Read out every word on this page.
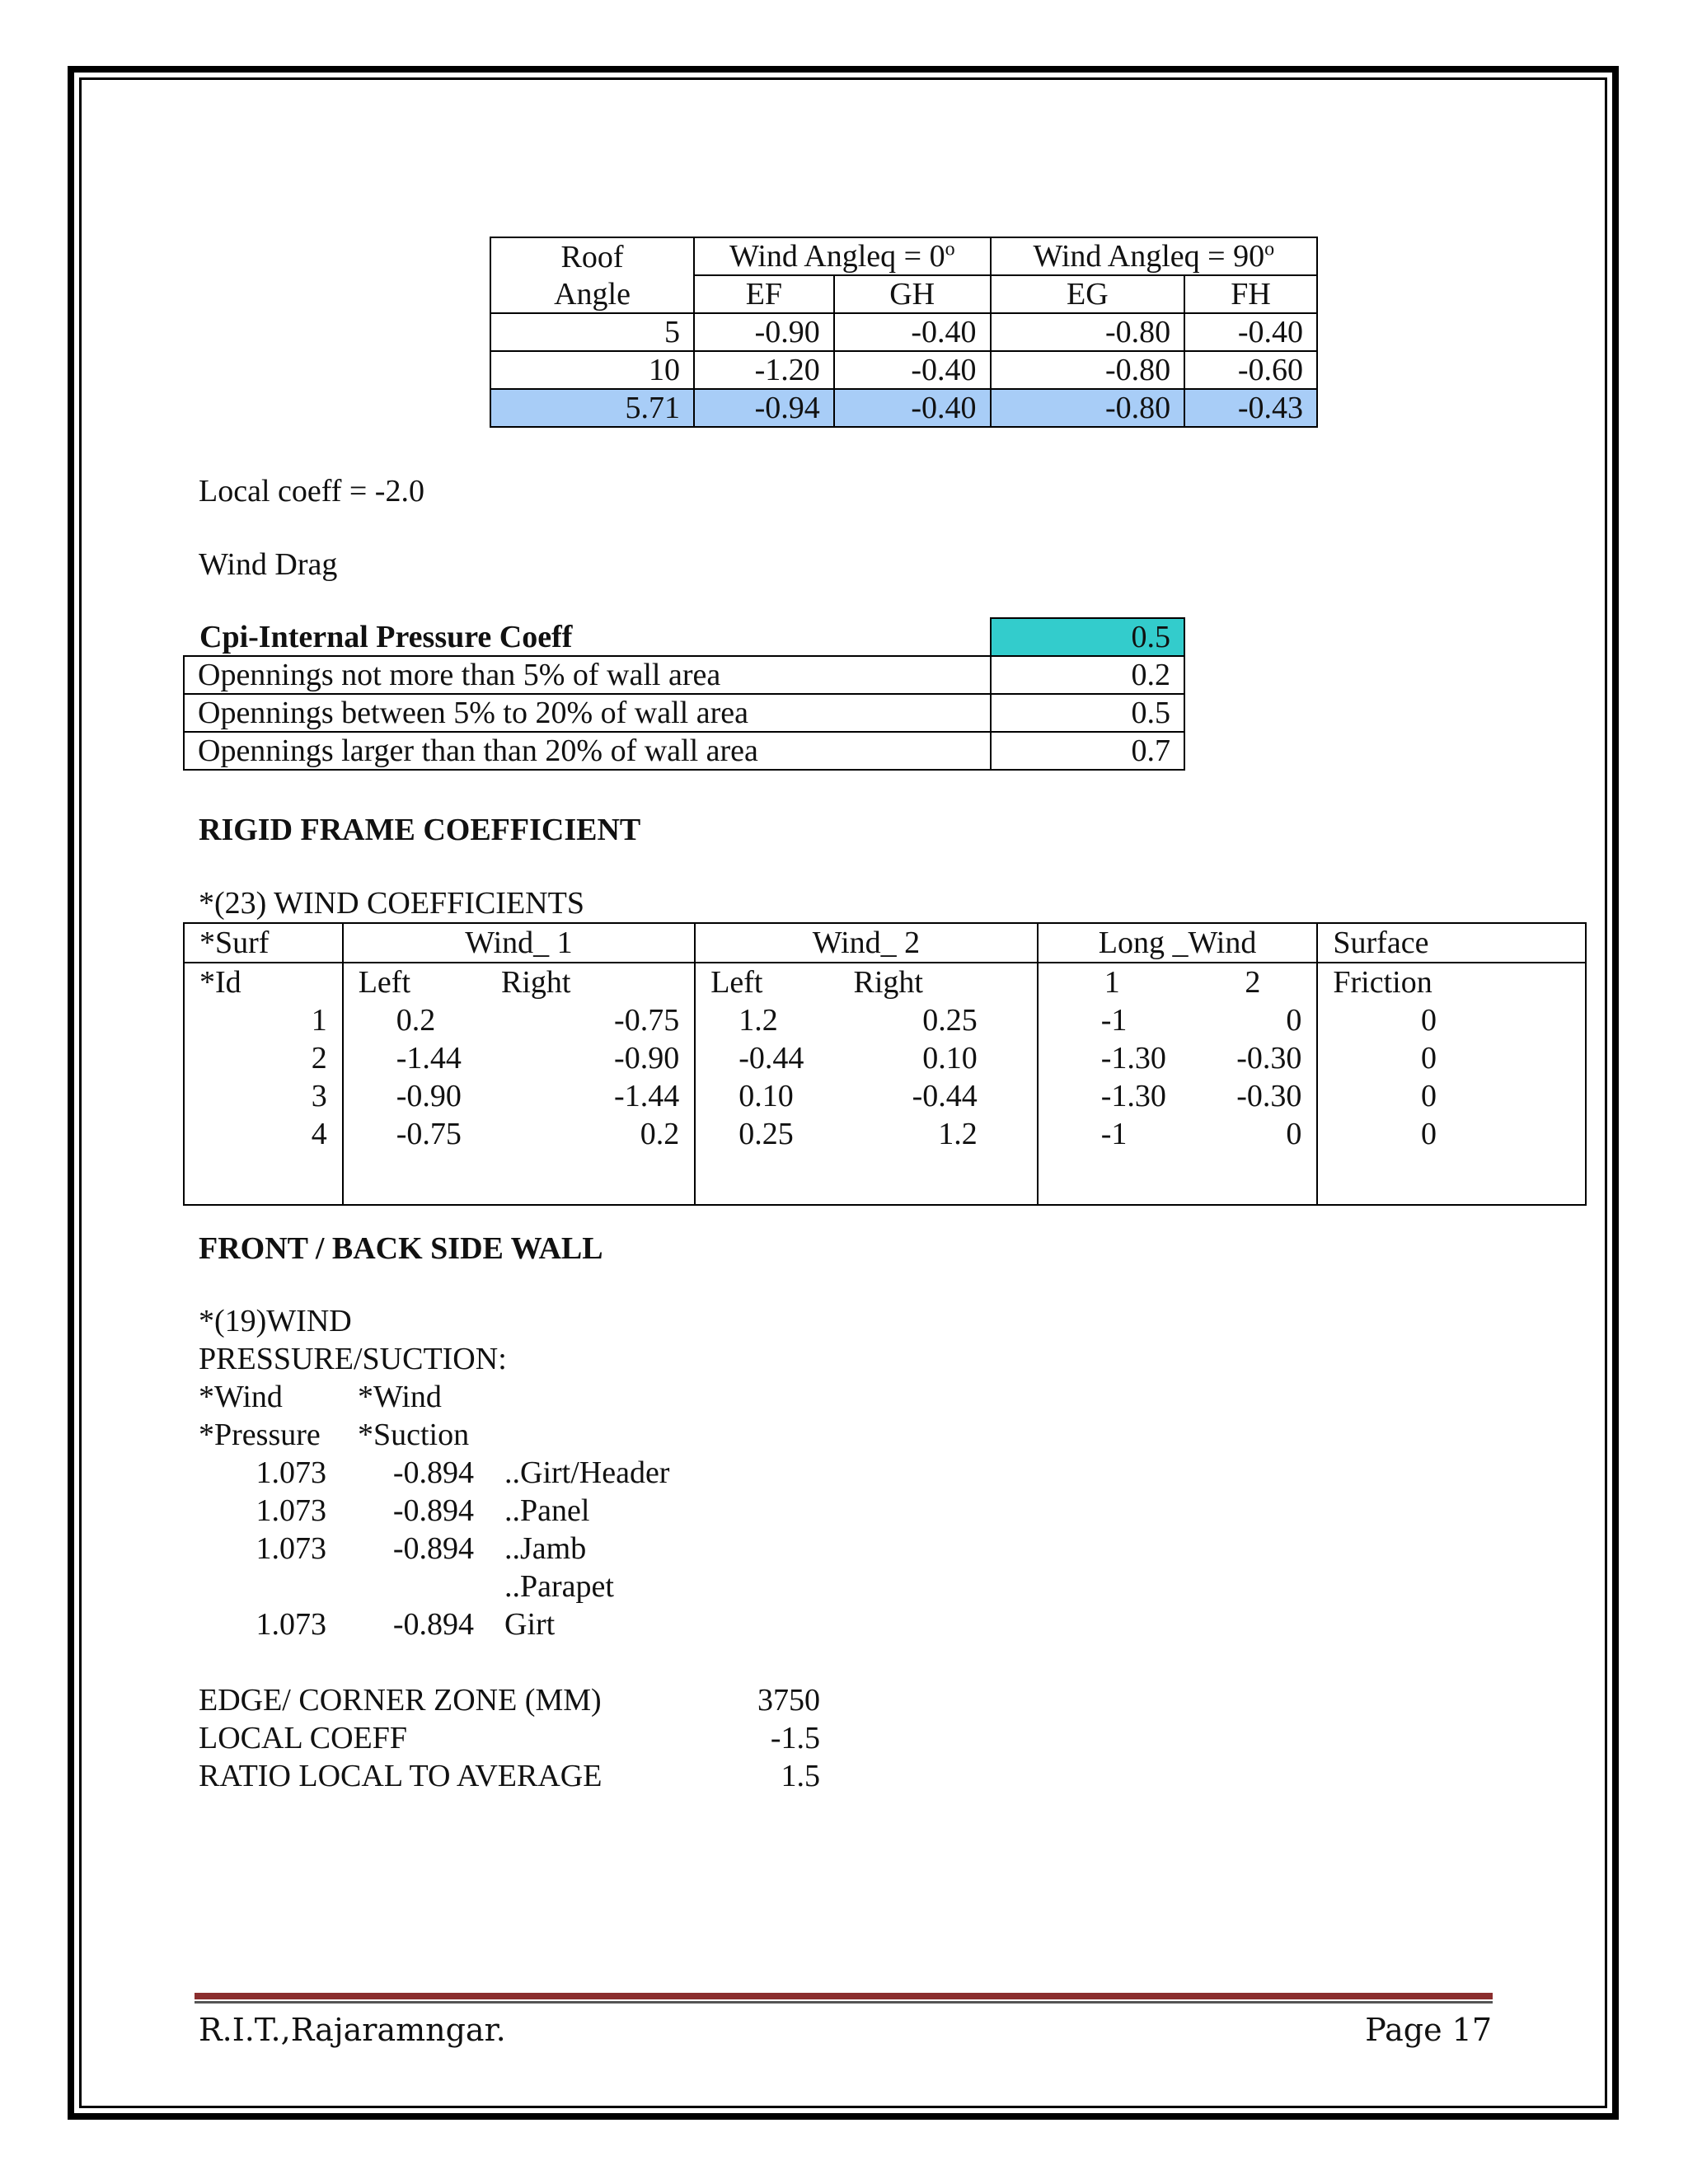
Roof	Wind Angleq = $0^o$		Wind Angleq = $90^o$
Angle	EF	GH	EG	FH
5	-0.90	-0.40	-0.80	-0.40
10	-1.20	-0.40	-0.80	-0.60
5.71	-0.94	-0.40	-0.80	-0.43
Local coeff = -2.0
Wind Drag
Cpi-Internal Pressure Coeff	0.5
Opennings not more than 5% of wall area	0.2
Opennings between 5% to 20% of wall area	0.5
Opennings larger than than 20% of wall area	0.7
RIGID FRAME COEFFICIENT
*(23) WIND COEFFICIENTS
*Surf	Wind_ 1	Wind_ 2	Long _Wind	Surface
*Id	Left Right	Left Right	1 2	Friction
1	0.2 -0.75	1.2 0.25	-1 0	0
2	-1.44 -0.90	-0.44 0.10	-1.30 -0.30	0
3	-0.90 -1.44	0.10 -0.44	-1.30 -0.30	0
4	-0.75 0.2	0.25 1.2	-1 0	0

FRONT / BACK SIDE WALL
*(19)WIND
PRESSURE/SUCTION:
*Wind *Wind
*Pressure *Suction
1.073	-0.894 ..Girt/Header
1.073	-0.894 ..Panel
1.073	-0.894 ..Jamb
..Parapet
1.073	-0.894 Girt
EDGE/ CORNER ZONE (MM)	3750
LOCAL COEFF	-1.5
RATIO LOCAL TO AVERAGE	1.5
R.I.T.,Rajaramngar.	Page 17
